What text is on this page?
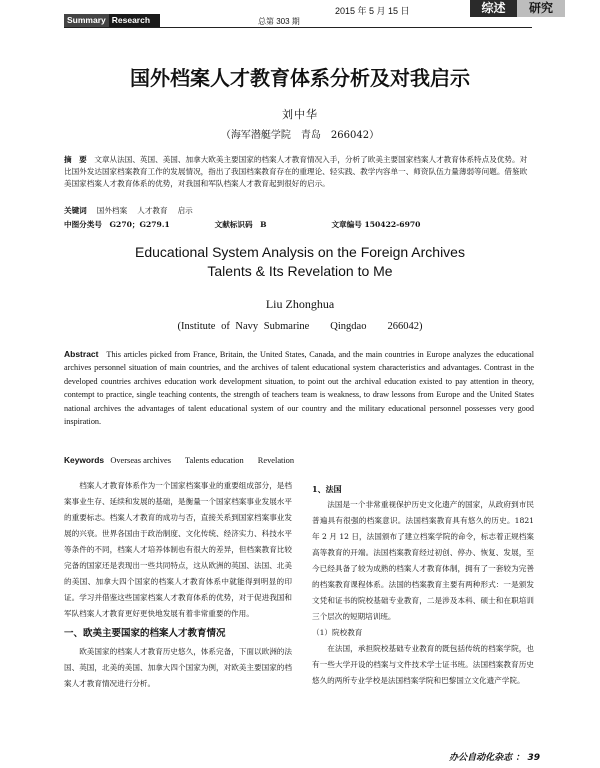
Summary Research	总第 303 期
2015 年 5 月 15 日	综述	研究
国外档案人才教育体系分析及对我启示
刘中华
（海军潜艇学院　青岛　266042）
摘　要　 文章从法国、英国、美国、加拿大欧美主要国家的档案人才教育情况入手，分析了欧美主要国家档案人才教育体系特点及优势。对比国外发达国家档案教育工作的发展情况，指出了我国档案教育存在的重理论、轻实践、教学内容单一、师资队伍力量薄弱等问题。借鉴欧美国家档案人才教育体系的优势，对我国和军队档案人才教育起到很好的启示。
关键词　 国外档案　 人才教育　 启示
中图分类号　G270；G279.1	文献标识码　B	文章编号 150422-6970
Educational System Analysis on the Foreign Archives
Talents & Its Revelation to Me
Liu Zhonghua
(Institute of Navy Submarine　　Qingdao　　266042)
Abstract This articles picked from France, Britain, the United States, Canada, and the main countries in Europe analyzes the educational archives personnel situation of main countries, and the archives of talent educational system characteristics and advantages. Contrast in the developed countries archives education work development situation, to point out the archival education existed to pay attention in theory, contempt to practice, single teaching contents, the strength of teachers team is weakness, to draw lessons from Europe and the United States national archives the advantages of talent educational system of our country and the military educational personnel possesses very good inspiration.
Keywords Overseas archives Talents education Revelation
档案人才教育体系作为一个国家档案事业的重要组成部分，是档案事业生存、延续和发展的基础，是衡量一个国家档案事业发展水平的重要标志。档案人才教育的成功与否，直接关系到国家档案事业发展的兴衰。世界各国由于政治制度、文化传统、经济实力、科技水平等条件的不同，档案人才培养体制也有很大的差异，但档案教育比较完备的国家还是表现出一些共同特点，这从欧洲的英国、法国、北美的美国、加拿大四个国家的档案人才教育体系中就能得到明显的印证。学习并借鉴这些国家档案人才教育体系的优势，对于促进我国和军队档案人才教育更好更快地发展有着非常重要的作用。
一、欧美主要国家的档案人才教育情况
欧美国家的档案人才教育历史悠久，体系完备，下面以欧洲的法国、英国，北美的美国、加拿大四个国家为例，对欧美主要国家的档案人才教育情况进行分析。
1、法国
法国是一个非常重视保护历史文化遗产的国家，从政府到市民普遍具有很强的档案意识。法国档案教育具有悠久的历史。1821 年 2 月 12 日，法国颁布了建立档案学院的命令，标志着正规档案高等教育的开端。法国档案教育经过初创、停办、恢复、发展，至今已经具备了较为成熟的档案人才教育体制，拥有了一套较为完善的档案教育课程体系。法国的档案教育主要有两种形式：一是颁发文凭和证书的院校基础专业教育，二是涉及本科、硕士和在职培训三个层次的短期培训班。
（1）院校教育
在法国，承担院校基础专业教育的既包括传统的档案学院，也有一些大学开设的档案与文件技术学士证书班。法国档案教育历史悠久的两所专业学校是法国档案学院和巴黎国立文化遗产学院。
办公自动化杂志 ： 39
